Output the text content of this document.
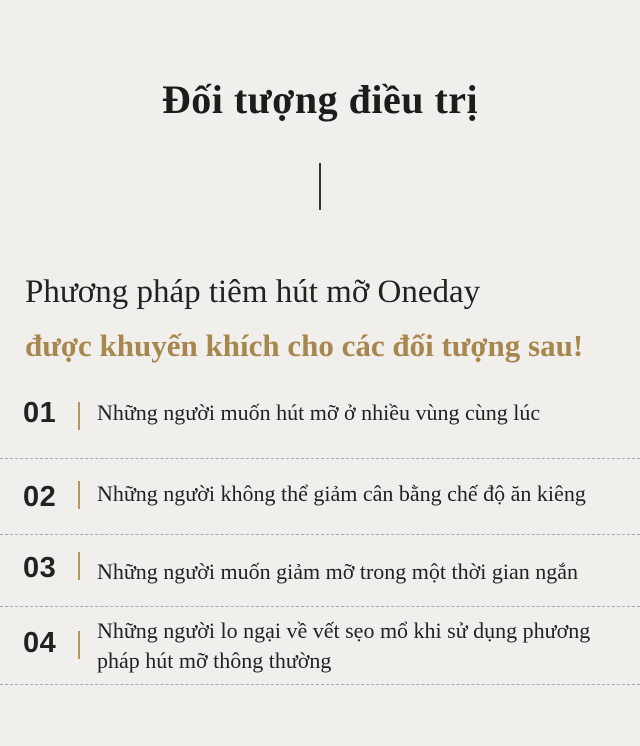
Đối tượng điều trị
Phương pháp tiêm hút mỡ Oneday
được khuyến khích cho các đối tượng sau!
01 Những người muốn hút mỡ ở nhiều vùng cùng lúc
02 Những người không thể giảm cân bằng chế độ ăn kiêng
03 Những người muốn giảm mỡ trong một thời gian ngắn
04 Những người lo ngại về vết sẹo mổ khi sử dụng phương pháp hút mỡ thông thường
